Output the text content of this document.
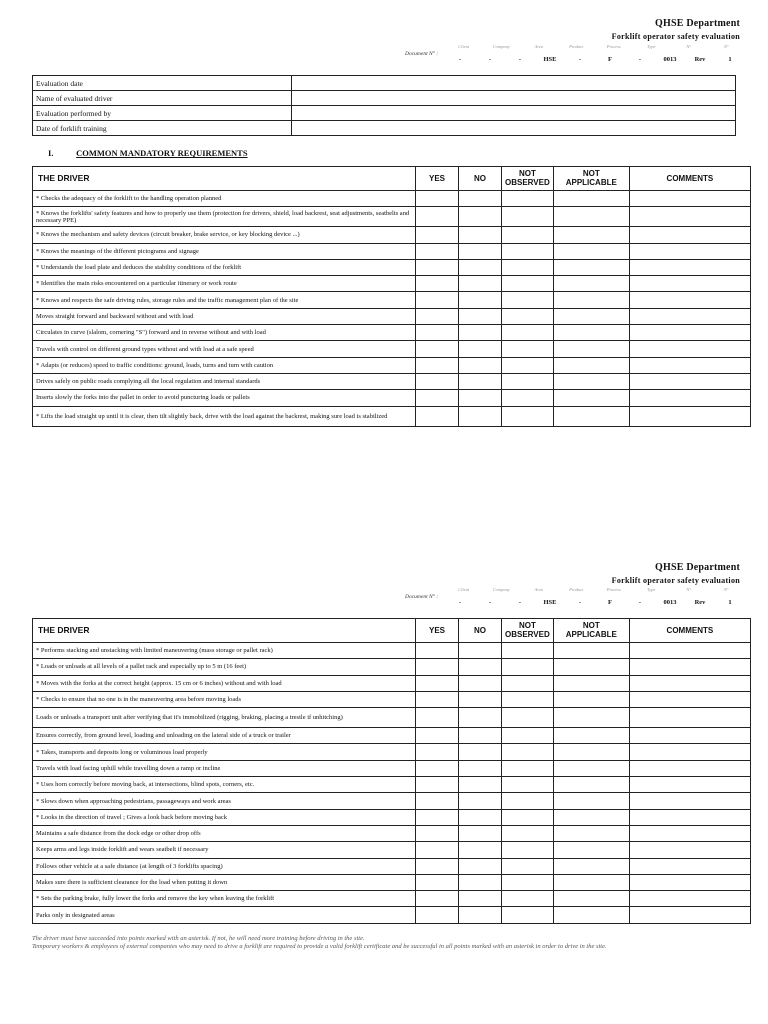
QHSE Department
Forklift operator safety evaluation
Document N° :
Client	Company	Area	Product	Process	Type	N°	N°
-	-	-	HSE	-	F	-	0013	Rev	1
Evaluation date	
Name of evaluated driver	
Evaluation performed by	
Date of forklift training	
I.	COMMON MANDATORY REQUIREMENTS
THE DRIVER	YES	NO	NOT OBSERVED	NOT APPLICABLE	COMMENTS
* Checks the adequacy of the forklift to the handling operation planned					
* Knows the forklifts' safety features and how to properly use them (protection for drivers, shield, load backrest, seat adjustments, seatbelts and necessary PPE)					
* Knows the mechanism and safety devices (circuit breaker, brake service, or key blocking device ...)					
* Knows the meanings of the different pictograms and signage					
* Understands the load plate and deduces the stability conditions of the forklift					
* Identifies the main risks encountered on a particular itinerary or work route					
* Knows and respects the safe driving rules, storage rules and the traffic management plan of the site					
Moves straight forward and backward without and with load					
Circulates in curve (slalom, cornering "S") forward and in reverse without and with load					
Travels with control on different ground types without and with load at a safe speed					
* Adapts (or reduces) speed to traffic conditions: ground, loads, turns and turn with caution					
Drives safely on public roads complying all the local regulation and internal standards					
Inserts slowly the forks into the pallet in order to avoid puncturing loads or pallets					
* Lifts the load straight up until it is clear, then tilt slightly back, drive with the load against the backrest, making sure load is stabilized					
QHSE Department
Forklift operator safety evaluation
Document N° :
Client	Company	Area	Product	Process	Type	N°	N°
-	-	-	HSE	-	F	-	0013	Rev	1
THE DRIVER	YES	NO	NOT OBSERVED	NOT APPLICABLE	COMMENTS
* Performs stacking and unstacking with limited maneuvering (mass storage or pallet rack)					
* Loads or unloads at all levels of a pallet rack and especially up to 5 m (16 feet)					
* Moves with the forks at the correct height (approx. 15 cm or 6 inches) without and with load					
* Checks to ensure that no one is in the maneuvering area before moving loads					
Loads or unloads a transport unit after verifying that it's immobilized (rigging, braking, placing a trestle if unhitching)					
Ensures correctly, from ground level, loading and unloading on the lateral side of a truck or trailer					
* Takes, transports and deposits long or voluminous load properly					
Travels with load facing uphill while travelling down a ramp or incline					
* Uses horn correctly before moving back, at intersections, blind spots, corners, etc.					
* Slows down when approaching pedestrians, passageways and work areas					
* Looks in the direction of travel ; Gives a look back before moving back					
Maintains a safe distance from the dock edge or other drop offs					
Keeps arms and legs inside forklift and wears seatbelt if necessary					
Follows other vehicle at a safe distance (at length of 3 forklifts spacing)					
Makes sure there is sufficient clearance for the load when putting it down					
* Sets the parking brake, fully lower the forks and remove the key when leaving the forklift					
Parks only in designated areas					
The driver must have succeeded into points marked with an asterisk. If not, he will need more training before driving in the site.
Temporary workers & employees of external companies who may need to drive a forklift are required to provide a valid forklift certificate and be successful in all points marked with an asterisk in order to drive in the site.
